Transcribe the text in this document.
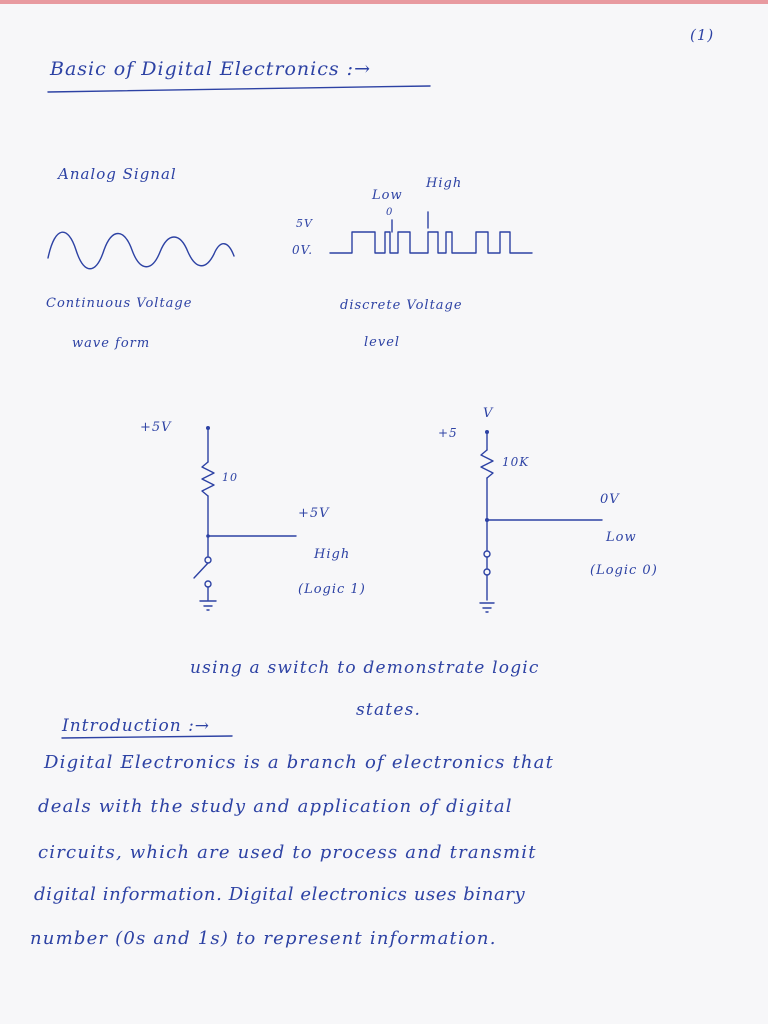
(1)
Basic of Digital Electronics :→
Analog Signal
Continuous Voltage
wave form
Low
High
0
5V
0V.
discrete Voltage
level
+5V
10
+5V
High
(Logic 1)
V
+5
10K
0V
Low
(Logic 0)
using a switch to demonstrate logic
states.
Introduction :→
Digital Electronics is a branch of electronics that
deals with the study and application of digital
circuits, which are used to process and transmit
digital information. Digital electronics uses binary
number (0s and 1s) to represent information.
